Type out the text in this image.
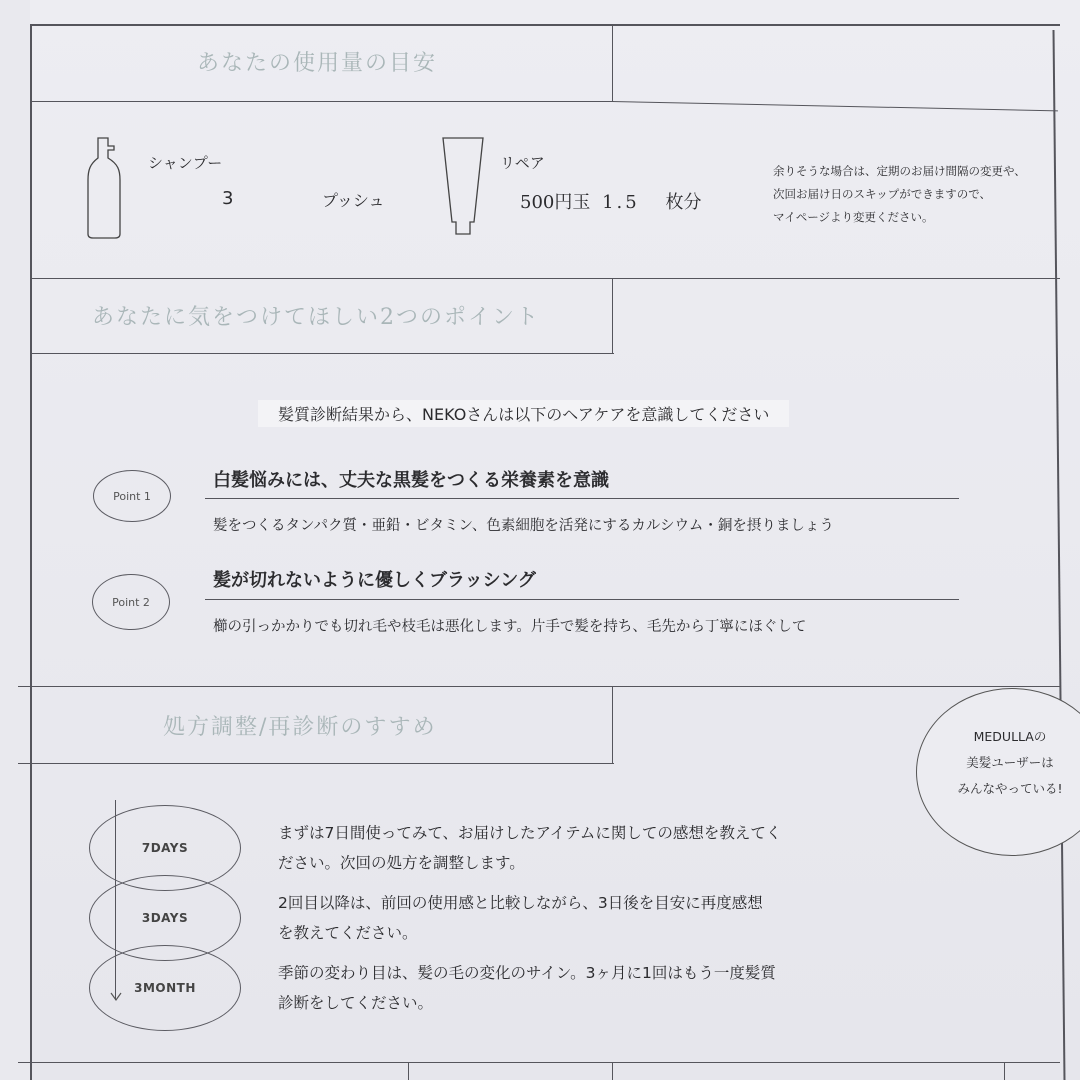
あなたの使用量の目安
シャンプー
3	プッシュ
リペア
500円玉 1.5 枚分
余りそうな場合は、定期のお届け間隔の変更や、
次回お届け日のスキップができますので、
マイページより変更ください。
あなたに気をつけてほしい2つのポイント
髪質診断結果から、NEKOさんは以下のヘアケアを意識してください
Point 1
白髪悩みには、丈夫な黒髪をつくる栄養素を意識
髪をつくるタンパク質・亜鉛・ビタミン、色素細胞を活発にするカルシウム・銅を摂りましょう
Point 2
髪が切れないように優しくブラッシング
櫛の引っかかりでも切れ毛や枝毛は悪化します。片手で髪を持ち、毛先から丁寧にほぐして
処方調整/再診断のすすめ	MEDULLAの
美髪ユーザーは
みんなやっている!
7DAYS
3DAYS
3MONTH
まずは7日間使ってみて、お届けしたアイテムに関しての感想を教えてく
ださい。次回の処方を調整します。
2回目以降は、前回の使用感と比較しながら、3日後を目安に再度感想
を教えてください。
季節の変わり目は、髪の毛の変化のサイン。3ヶ月に1回はもう一度髪質
診断をしてください。
